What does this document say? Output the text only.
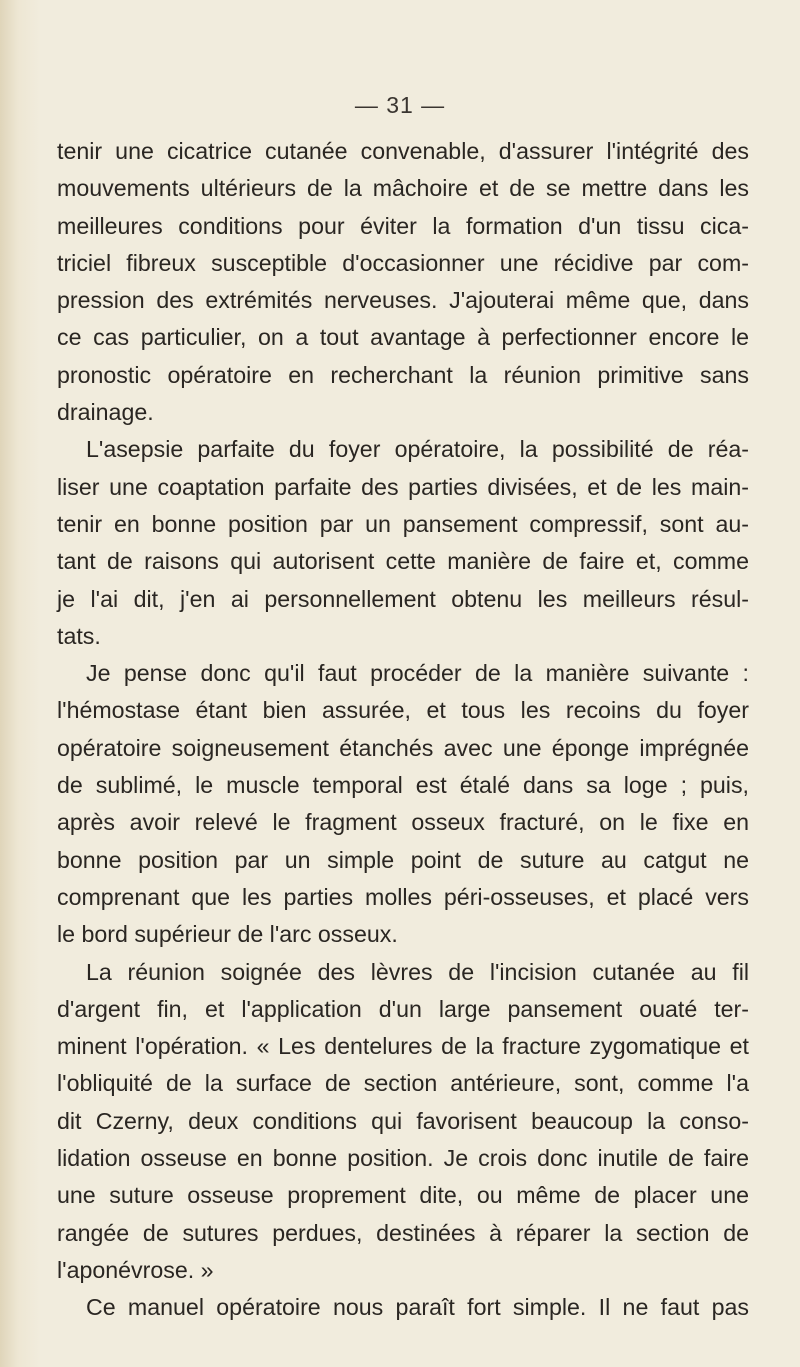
— 31 —
tenir une cicatrice cutanée convenable, d'assurer l'intégrité des
mouvements ultérieurs de la mâchoire et de se mettre dans les
meilleures conditions pour éviter la formation d'un tissu cica-
triciel fibreux susceptible d'occasionner une récidive par com-
pression des extrémités nerveuses. J'ajouterai même que, dans
ce cas particulier, on a tout avantage à perfectionner encore le
pronostic opératoire en recherchant la réunion primitive sans
drainage.
L'asepsie parfaite du foyer opératoire, la possibilité de réa-
liser une coaptation parfaite des parties divisées, et de les main-
tenir en bonne position par un pansement compressif, sont au-
tant de raisons qui autorisent cette manière de faire et, comme
je l'ai dit, j'en ai personnellement obtenu les meilleurs résul-
tats.
Je pense donc qu'il faut procéder de la manière suivante :
l'hémostase étant bien assurée, et tous les recoins du foyer
opératoire soigneusement étanchés avec une éponge imprégnée
de sublimé, le muscle temporal est étalé dans sa loge ; puis,
après avoir relevé le fragment osseux fracturé, on le fixe en
bonne position par un simple point de suture au catgut ne
comprenant que les parties molles péri-osseuses, et placé vers
le bord supérieur de l'arc osseux.
La réunion soignée des lèvres de l'incision cutanée au fil
d'argent fin, et l'application d'un large pansement ouaté ter-
minent l'opération. « Les dentelures de la fracture zygomatique et
l'obliquité de la surface de section antérieure, sont, comme l'a
dit Czerny, deux conditions qui favorisent beaucoup la conso-
lidation osseuse en bonne position. Je crois donc inutile de faire
une suture osseuse proprement dite, ou même de placer une
rangée de sutures perdues, destinées à réparer la section de
l'aponévrose. »
Ce manuel opératoire nous paraît fort simple. Il ne faut pas
